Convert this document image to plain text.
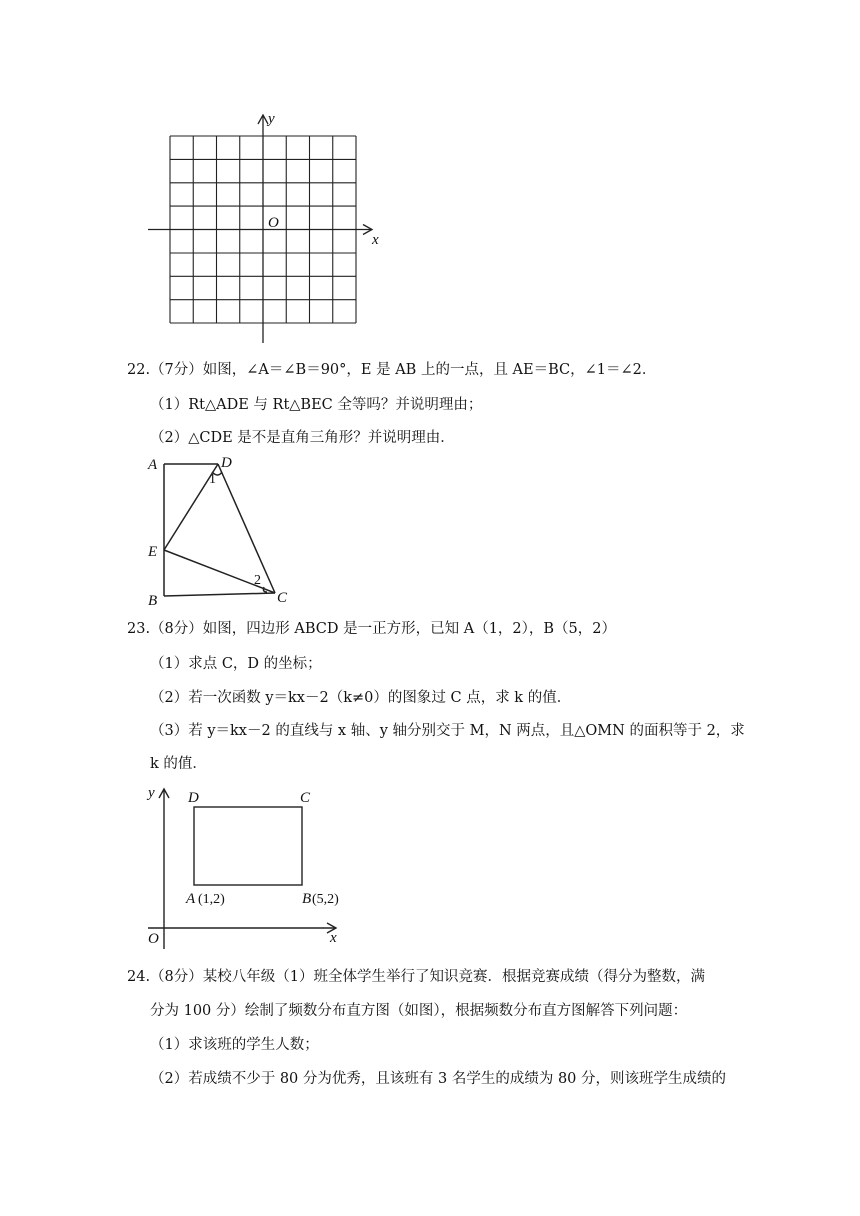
y
x
O
22.（7分）如图，∠A＝∠B＝90°，E 是 AB 上的一点，且 AE＝BC，∠1＝∠2．
（1）Rt△ADE 与 Rt△BEC 全等吗？并说明理由；
（2）△CDE 是不是直角三角形？并说明理由．
A	D
1
E
2
B	C
23.（8分）如图，四边形 ABCD 是一正方形，已知 A（1，2），B（5，2）
（1）求点 C，D 的坐标；
（2）若一次函数 y＝kx－2（k≠0）的图象过 C 点，求 k 的值．
（3）若 y＝kx－2 的直线与 x 轴、y 轴分别交于 M，N 两点，且△OMN 的面积等于 2，求
k 的值．
y
x
O
D	C
A (1,2)	B (5,2)
24.（8分）某校八年级（1）班全体学生举行了知识竞赛．根据竞赛成绩（得分为整数，满
分为 100 分）绘制了频数分布直方图（如图），根据频数分布直方图解答下列问题：
（1）求该班的学生人数；
（2）若成绩不少于 80 分为优秀，且该班有 3 名学生的成绩为 80 分，则该班学生成绩的
